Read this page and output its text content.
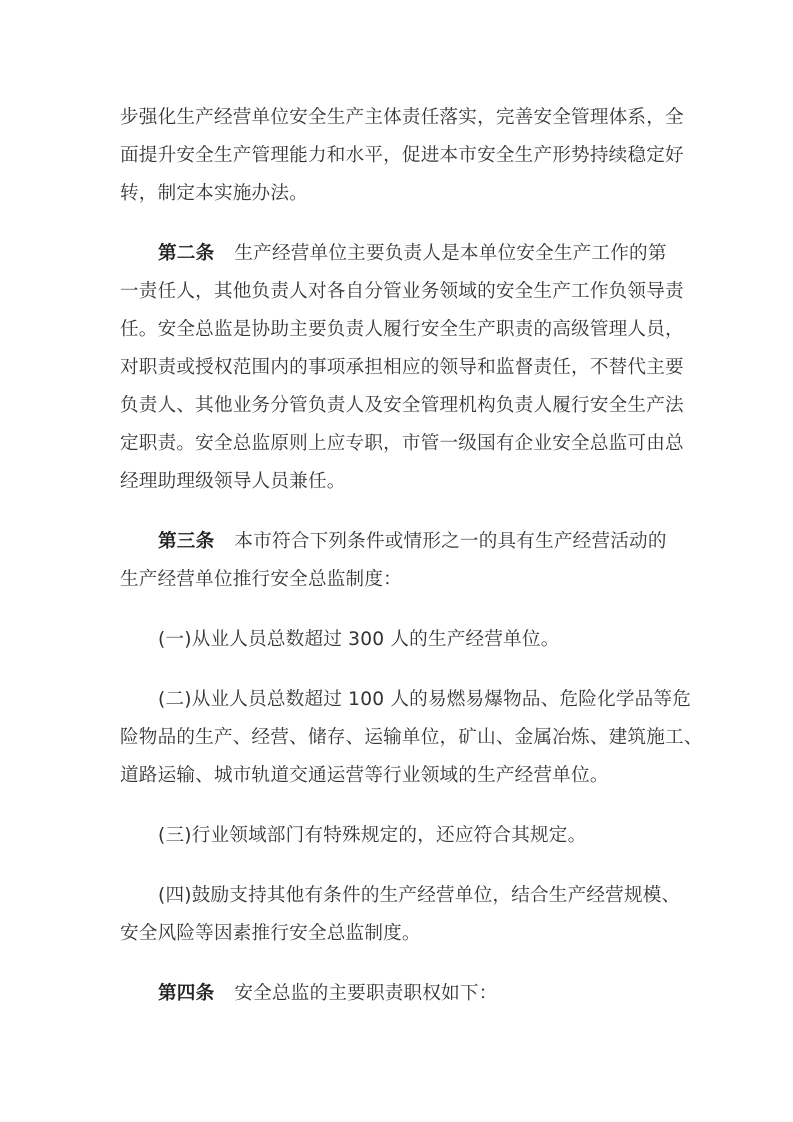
步强化生产经营单位安全生产主体责任落实，完善安全管理体系，全
面提升安全生产管理能力和水平，促进本市安全生产形势持续稳定好
转，制定本实施办法。
第二条 生产经营单位主要负责人是本单位安全生产工作的第
一责任人，其他负责人对各自分管业务领域的安全生产工作负领导责
任。安全总监是协助主要负责人履行安全生产职责的高级管理人员，
对职责或授权范围内的事项承担相应的领导和监督责任，不替代主要
负责人、其他业务分管负责人及安全管理机构负责人履行安全生产法
定职责。安全总监原则上应专职，市管一级国有企业安全总监可由总
经理助理级领导人员兼任。
第三条 本市符合下列条件或情形之一的具有生产经营活动的
生产经营单位推行安全总监制度：
(一)从业人员总数超过 300 人的生产经营单位。
(二)从业人员总数超过 100 人的易燃易爆物品、危险化学品等危
险物品的生产、经营、储存、运输单位，矿山、金属冶炼、建筑施工、
道路运输、城市轨道交通运营等行业领域的生产经营单位。
(三)行业领域部门有特殊规定的，还应符合其规定。
(四)鼓励支持其他有条件的生产经营单位，结合生产经营规模、
安全风险等因素推行安全总监制度。
第四条 安全总监的主要职责职权如下：
